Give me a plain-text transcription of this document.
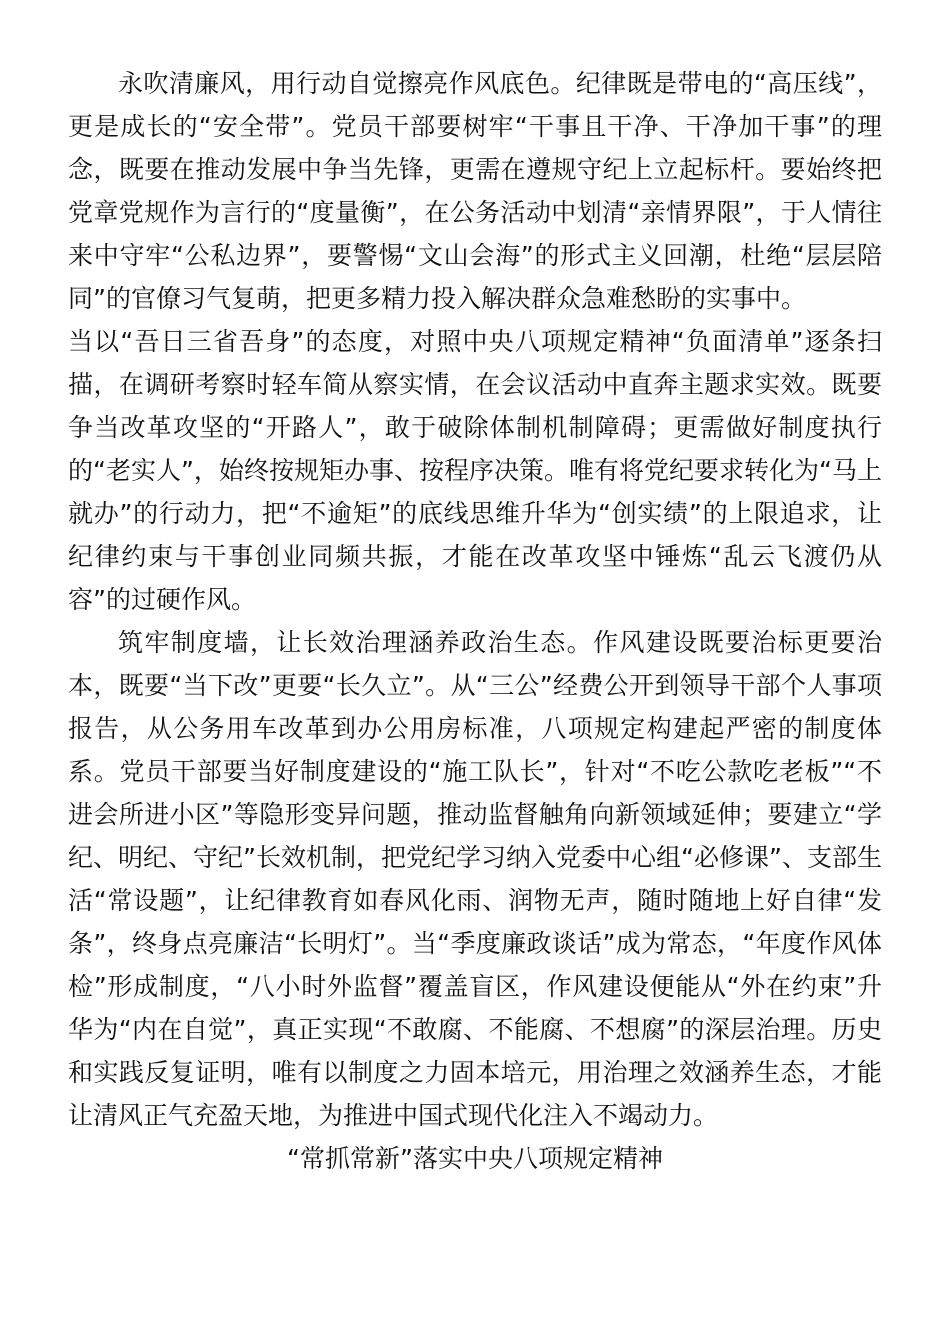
永吹清廉风，用行动自觉擦亮作风底色。纪律既是带电的“高压线”，更是成长的“安全带”。党员干部要树牢“干事且干净、干净加干事”的理念，既要在推动发展中争当先锋，更需在遵规守纪上立起标杆。要始终把党章党规作为言行的“度量衡”，在公务活动中划清“亲情界限”，于人情往来中守牢“公私边界”，要警惕“文山会海”的形式主义回潮，杜绝“层层陪同”的官僚习气复萌，把更多精力投入解决群众急难愁盼的实事中。

当以“吾日三省吾身”的态度，对照中央八项规定精神“负面清单”逐条扫描，在调研考察时轻车简从察实情，在会议活动中直奔主题求实效。既要争当改革攻坚的“开路人”，敢于破除体制机制障碍；更需做好制度执行的“老实人”，始终按规矩办事、按程序决策。唯有将党纪要求转化为“马上就办”的行动力，把“不逾矩”的底线思维升华为“创实绩”的上限追求，让纪律约束与干事创业同频共振，才能在改革攻坚中锤炼“乱云飞渡仍从容”的过硬作风。

筑牢制度墙，让长效治理涵养政治生态。作风建设既要治标更要治本，既要“当下改”更要“长久立”。从“三公”经费公开到领导干部个人事项报告，从公务用车改革到办公用房标准，八项规定构建起严密的制度体系。党员干部要当好制度建设的“施工队长”，针对“不吃公款吃老板”“不进会所进小区”等隐形变异问题，推动监督触角向新领域延伸；要建立“学纪、明纪、守纪”长效机制，把党纪学习纳入党委中心组“必修课”、支部生活“常设题”，让纪律教育如春风化雨、润物无声，随时随地上好自律“发条”，终身点亮廉洁“长明灯”。当“季度廉政谈话”成为常态，“年度作风体检”形成制度，“八小时外监督”覆盖盲区，作风建设便能从“外在约束”升华为“内在自觉”，真正实现“不敢腐、不能腐、不想腐”的深层治理。历史和实践反复证明，唯有以制度之力固本培元，用治理之效涵养生态，才能让清风正气充盈天地，为推进中国式现代化注入不竭动力。

“常抓常新”落实中央八项规定精神
